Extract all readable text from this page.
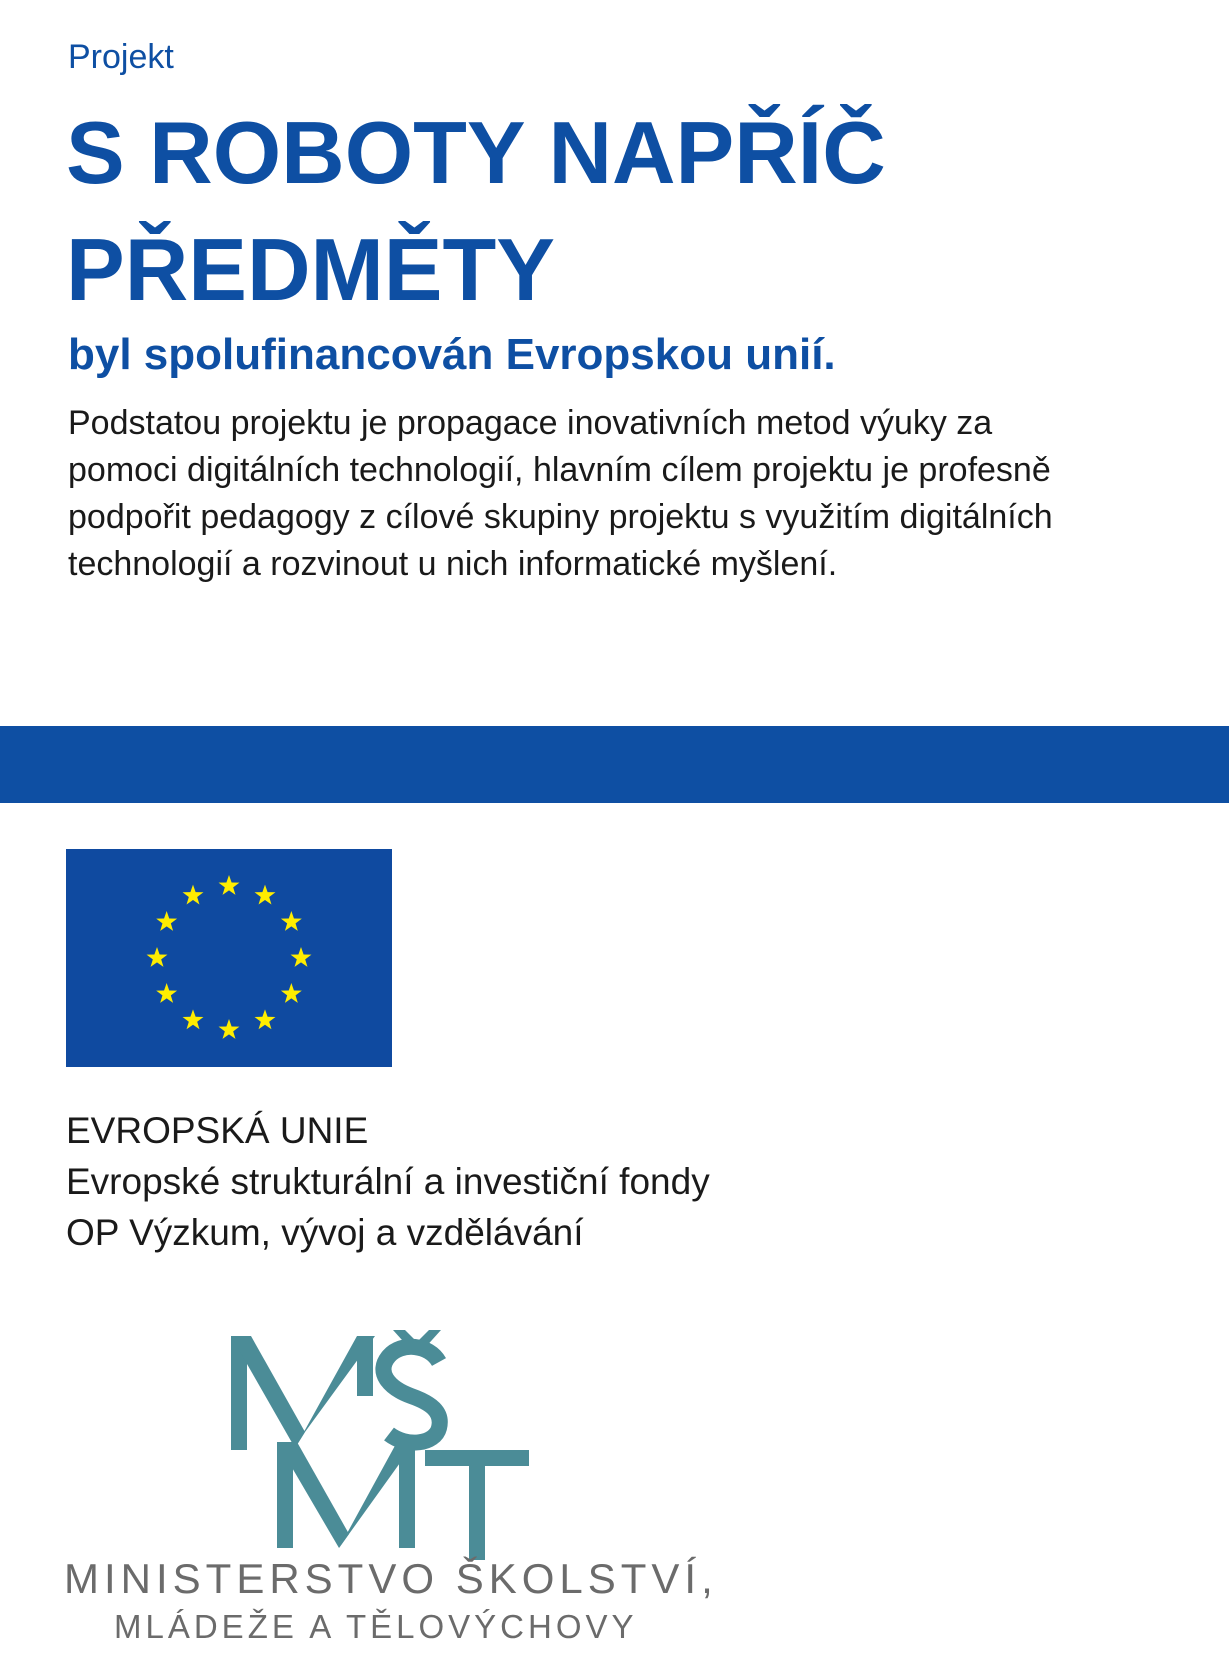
Projekt
S ROBOTY NAPŘÍČ
PŘEDMĚTY
byl spolufinancován Evropskou unií.
Podstatou projektu je propagace inovativních metod výuky za
pomoci digitálních technologií, hlavním cílem projektu je profesně
podpořit pedagogy z cílové skupiny projektu s využitím digitálních
technologií a rozvinout u nich informatické myšlení.
EVROPSKÁ UNIE
Evropské strukturální a investiční fondy
OP Výzkum, vývoj a vzdělávání
MINISTERSTVO ŠKOLSTVÍ,
MLÁDEŽE A TĚLOVÝCHOVY
